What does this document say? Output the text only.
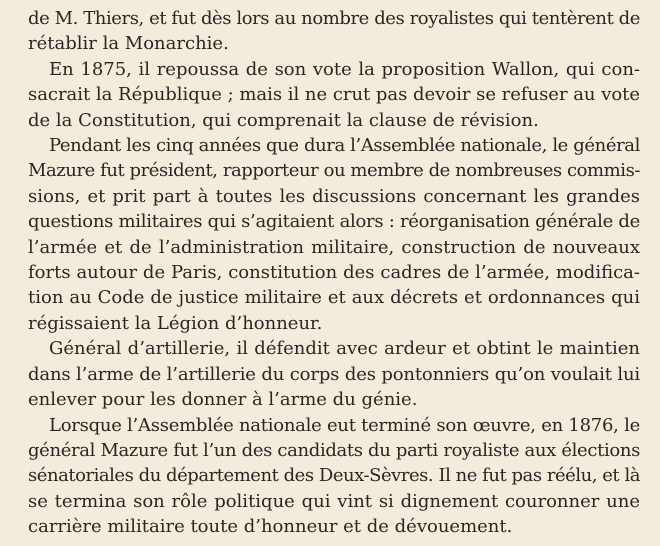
de M. Thiers, et fut dès lors au nombre des royalistes qui tentèrent de
rétablir la Monarchie.

En 1875, il repoussa de son vote la proposition Wallon, qui con-
sacrait la République ; mais il ne crut pas devoir se refuser au vote
de la Constitution, qui comprenait la clause de révision.

Pendant les cinq années que dura l’Assemblée nationale, le général
Mazure fut président, rapporteur ou membre de nombreuses commis-
sions, et prit part à toutes les discussions concernant les grandes
questions militaires qui s’agitaient alors : réorganisation générale de
l’armée et de l’administration militaire, construction de nouveaux
forts autour de Paris, constitution des cadres de l’armée, modifica-
tion au Code de justice militaire et aux décrets et ordonnances qui
régissaient la Légion d’honneur.

Général d’artillerie, il défendit avec ardeur et obtint le maintien
dans l’arme de l’artillerie du corps des pontonniers qu’on voulait lui
enlever pour les donner à l’arme du génie.

Lorsque l’Assemblée nationale eut terminé son œuvre, en 1876, le
général Mazure fut l’un des candidats du parti royaliste aux élections
sénatoriales du département des Deux-Sèvres. Il ne fut pas réélu, et là
se termina son rôle politique qui vint si dignement couronner une
carrière militaire toute d’honneur et de dévouement.
